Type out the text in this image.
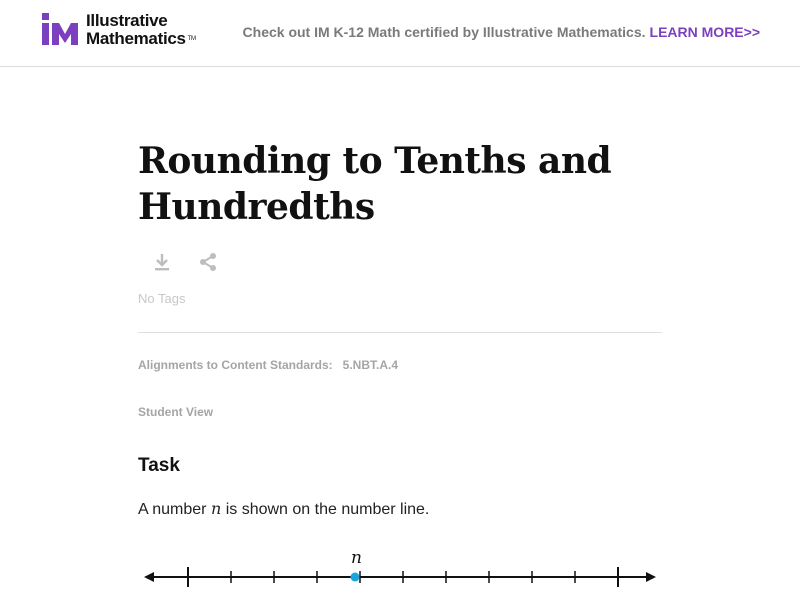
Illustrative
Mathematics ™	Check out IM K-12 Math certified by Illustrative Mathematics. LEARN MORE>>
Rounding to Tenths and Hundredths
No Tags
Alignments to Content Standards: 5.NBT.A.4
Student View
Task

A number n is shown on the number line.

n
